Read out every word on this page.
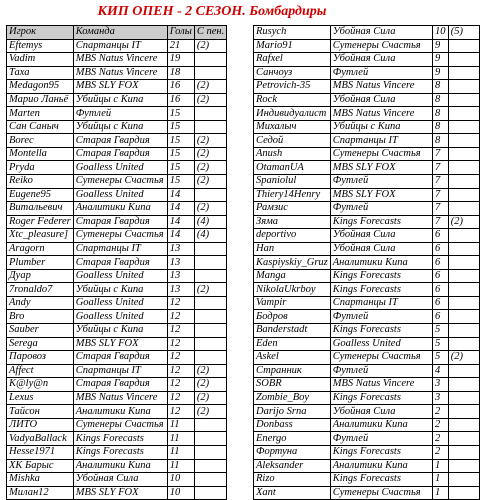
КИП ОПЕН - 2 СЕЗОН. Бомбардиры
Игрок	Команда	Голы	С пен.
Eftemys	Спартанцы IT	21	(2)
Vadim	MBS Natus Vincere	19	
Таха	MBS Natus Vincere	18	
Medagon95	MBS SLY FOX	16	(2)
Марио Ланьё	Убийцы с Кипа	16	(2)
Marten	Футлей	15	
Сан Саныч	Убийцы с Кипа	15	
Borec	Старая Гвардия	15	(2)
Montella	Старая Гвардия	15	(2)
Pryda	Goalless United	15	(2)
Reiko	Сутенеры Счастья	15	(2)
Eugene95	Goalless United	14	
Витальевич	Аналитики Кипа	14	(2)
Roger Federer	Старая Гвардия	14	(4)
Xtc_pleasure]	Сутенеры Счастья	14	(4)
Aragorn	Спартанцы IT	13	
Plumber	Старая Гвардия	13	
Дуар	Goalless United	13	
7ronaldo7	Убийцы с Кипа	13	(2)
Andy	Goalless United	12	
Bro	Goalless United	12	
Sauber	Убийцы с Кипа	12	
Serega	MBS SLY FOX	12	
Паровоз	Старая Гвардия	12	
Affect	Спартанцы IT	12	(2)
K@ly@n	Старая Гвардия	12	(2)
Lexus	MBS Natus Vincere	12	(2)
Тайсон	Аналитики Кипа	12	(2)
ЛИТО	Сутенеры Счастья	11	
VadyaBallack	Kings Forecasts	11	
Hesse1971	Kings Forecasts	11	
ХК Барыс	Аналитики Кипа	11	
Mishka	Убойная Сила	10	
Милан12	MBS SLY FOX	10	
Rusych	Убойная Сила	10	(5)
Mario91	Сутенеры Счастья	9	
Rafxel	Убойная Сила	9	
Санчоуз	Футлей	9	
Petrovich-35	MBS Natus Vincere	8	
Rock	Убойная Сила	8	
Индивидуалист	MBS Natus Vincere	8	
Михалыч	Убийцы с Кипа	8	
Седой	Спартанцы IT	8	
Anush	Сутенеры Счастья	7	
OtamanUA	MBS SLY FOX	7	
Spaniolul	Футлей	7	
Thiery14Henry	MBS SLY FOX	7	
Рамзис	Футлей	7	
Зяма	Kings Forecasts	7	(2)
deportivo	Убойная Сила	6	
Han	Убойная Сила	6	
Kaspiyskiy_Gruz	Аналитики Кипа	6	
Manga	Kings Forecasts	6	
NikolaUkrboy	Kings Forecasts	6	
Vampir	Спартанцы IT	6	
Бодров	Футлей	6	
Banderstadt	Kings Forecasts	5	
Eden	Goalless United	5	
Askel	Сутенеры Счастья	5	(2)
Странник	Футлей	4	
SOBR	MBS Natus Vincere	3	
Zombie_Boy	Kings Forecasts	3	
Darijo Srna	Убойная Сила	2	
Donbass	Аналитики Кипа	2	
Energo	Футлей	2	
Фортуна	Kings Forecasts	2	
Aleksander	Аналитики Кипа	1	
Rizo	Kings Forecasts	1	
Xant	Сутенеры Счастья	1	
